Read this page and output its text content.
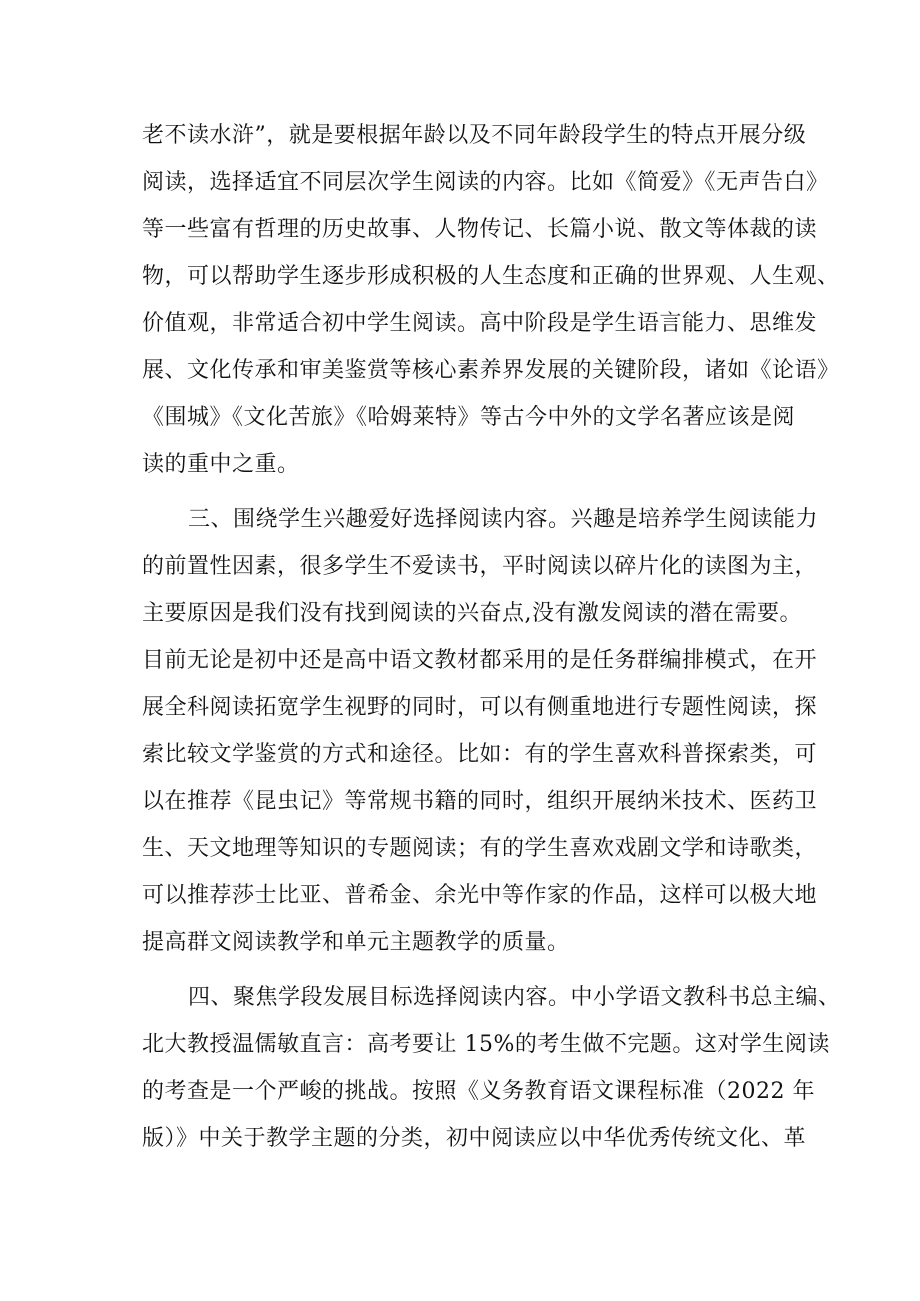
老不读水浒”，就是要根据年龄以及不同年龄段学生的特点开展分级
阅读，选择适宜不同层次学生阅读的内容。比如《简爱》《无声告白》
等一些富有哲理的历史故事、人物传记、长篇小说、散文等体裁的读
物，可以帮助学生逐步形成积极的人生态度和正确的世界观、人生观、
价值观，非常适合初中学生阅读。高中阶段是学生语言能力、思维发
展、文化传承和审美鉴赏等核心素养界发展的关键阶段，诸如《论语》
《围城》《文化苦旅》《哈姆莱特》等古今中外的文学名著应该是阅
读的重中之重。
三、围绕学生兴趣爱好选择阅读内容。兴趣是培养学生阅读能力
的前置性因素，很多学生不爱读书，平时阅读以碎片化的读图为主，
主要原因是我们没有找到阅读的兴奋点,没有激发阅读的潜在需要。
目前无论是初中还是高中语文教材都采用的是任务群编排模式，在开
展全科阅读拓宽学生视野的同时，可以有侧重地进行专题性阅读，探
索比较文学鉴赏的方式和途径。比如：有的学生喜欢科普探索类，可
以在推荐《昆虫记》等常规书籍的同时，组织开展纳米技术、医药卫
生、天文地理等知识的专题阅读；有的学生喜欢戏剧文学和诗歌类，
可以推荐莎士比亚、普希金、余光中等作家的作品，这样可以极大地
提高群文阅读教学和单元主题教学的质量。
四、聚焦学段发展目标选择阅读内容。中小学语文教科书总主编、
北大教授温儒敏直言：高考要让 15%的考生做不完题。这对学生阅读
的考查是一个严峻的挑战。按照《义务教育语文课程标准（2022 年
版）》中关于教学主题的分类，初中阅读应以中华优秀传统文化、革
